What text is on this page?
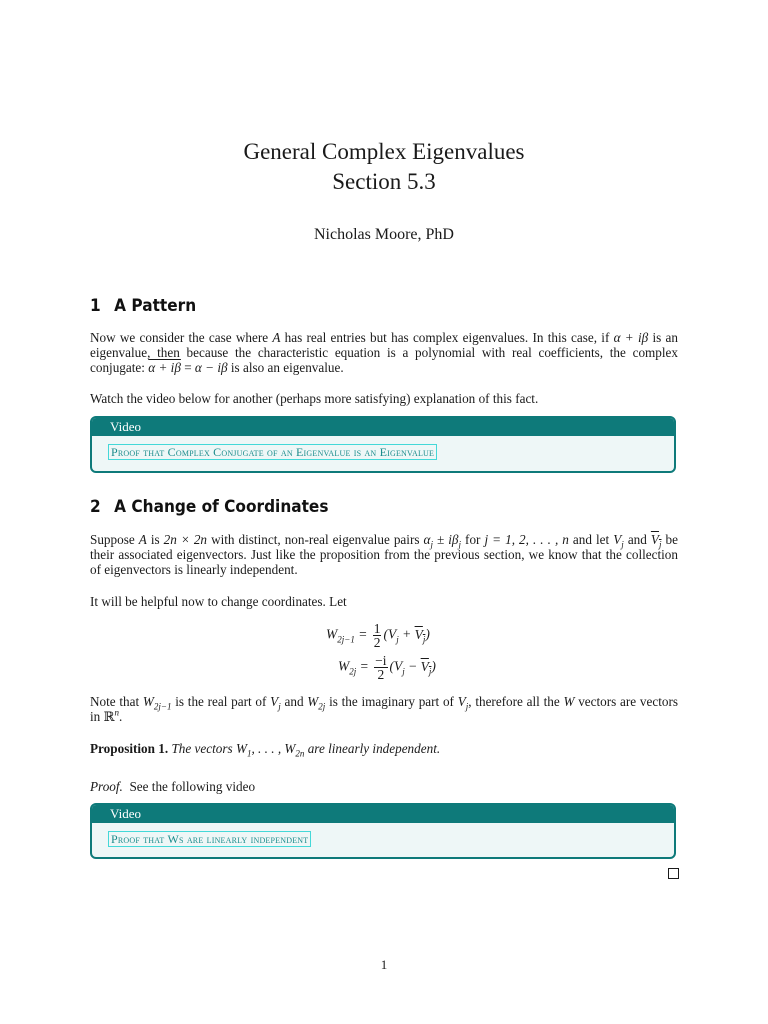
General Complex Eigenvalues
Section 5.3
Nicholas Moore, PhD
1 A Pattern

Now we consider the case where A has real entries but has complex eigenvalues. In this case, if α + iβ is an eigenvalue, then because the characteristic equation is a polynomial with real coefficients, the complex conjugate: α + iβ = α − iβ is also an eigenvalue.

Watch the video below for another (perhaps more satisfying) explanation of this fact.

Video
Proof that Complex Conjugate of an Eigenvalue is an Eigenvalue
2 A Change of Coordinates

Suppose A is 2n × 2n with distinct, non-real eigenvalue pairs $\alpha_j \pm i\beta_j$ for j = 1, 2, . . . , n and let $V_j$ and $V_j$ be their associated eigenvectors. Just like the proposition from the previous section, we know that the collection of eigenvectors is linearly independent.

It will be helpful now to change coordinates. Let

$W_{2j-1} = \frac{1}{2} (V_j + V_j)$
$W_{2j} = \frac{-i}{2} (V_j - V_j)$

Note that $W_{2j-1}$ is the real part of $V_j$ and $W_{2j}$ is the imaginary part of $V_j$, therefore all the W vectors are vectors in ℝ$^n$.

Proposition 1. The vectors $W_1$, . . . , $W_{2n}$ are linearly independent.

Proof. See the following video

Video
Proof that Ws are linearly independent
1
